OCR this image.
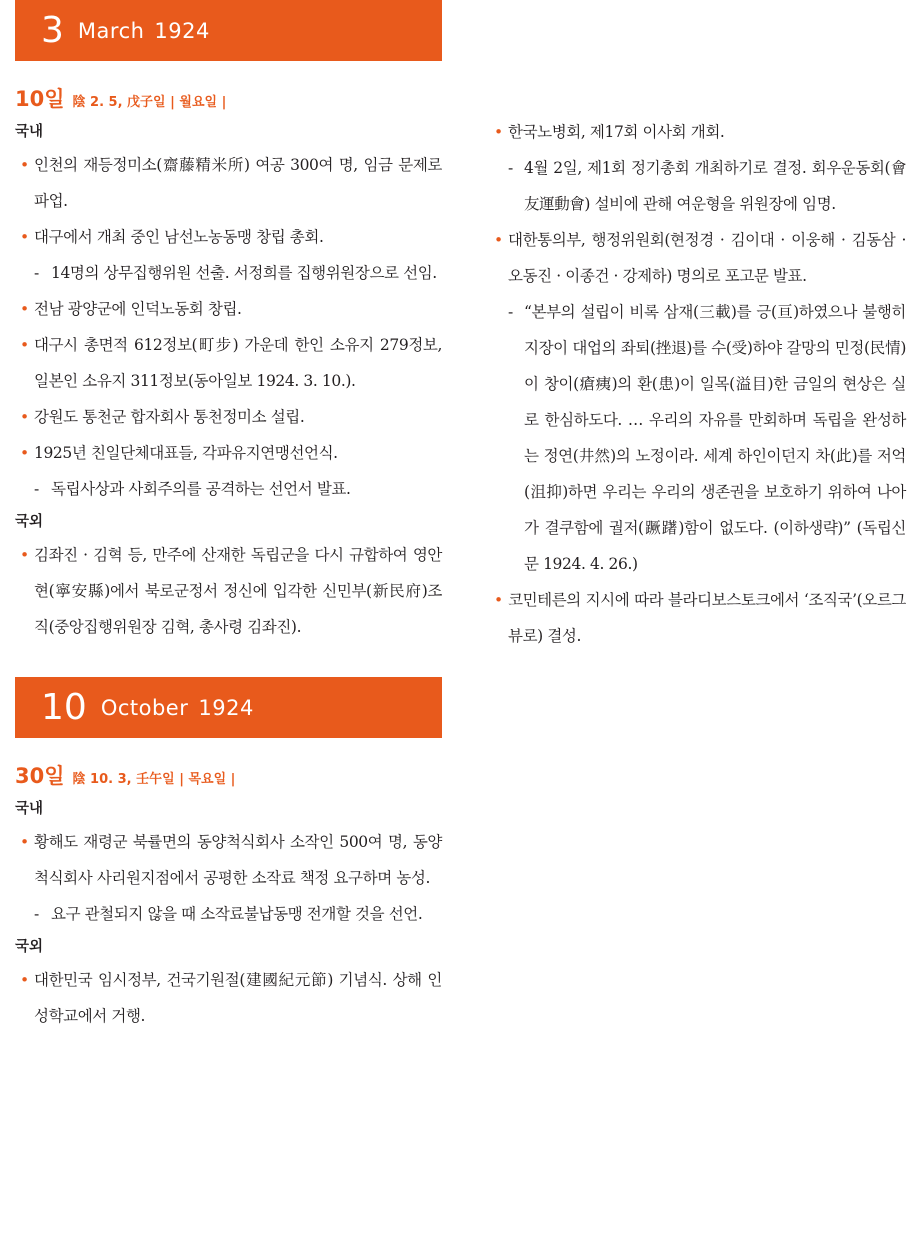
3 March 1924
10일 陰 2. 5, 戊子일 | 월요일 |
국내
• 인천의 재등정미소(齋藤精米所) 여공 300여 명, 임금 문제로 파업.
• 대구에서 개최 중인 남선노농동맹 창립 총회.
- 14명의 상무집행위원 선출. 서정희를 집행위원장으로 선임.
• 전남 광양군에 인덕노동회 창립.
• 대구시 총면적 612정보(町步) 가운데 한인 소유지 279정보, 일본인 소유지 311정보(동아일보 1924. 3. 10.).
• 강원도 통천군 합자회사 통천정미소 설립.
• 1925년 친일단체대표들, 각파유지연맹선언식.
- 독립사상과 사회주의를 공격하는 선언서 발표.
국외
• 김좌진 · 김혁 등, 만주에 산재한 독립군을 다시 규합하여 영안현(寧安縣)에서 북로군정서 정신에 입각한 신민부(新民府)조직(중앙집행위원장 김혁, 총사령 김좌진).
10 October 1924
30일 陰 10. 3, 壬午일 | 목요일 |
국내
• 황해도 재령군 북률면의 동양척식회사 소작인 500여 명, 동양척식회사 사리원지점에서 공평한 소작료 책정 요구하며 농성.
- 요구 관철되지 않을 때 소작료불납동맹 전개할 것을 선언.
국외
• 대한민국 임시정부, 건국기원절(建國紀元節) 기념식. 상해 인성학교에서 거행.
• 한국노병회, 제17회 이사회 개회.
- 4월 2일, 제1회 정기총회 개최하기로 결정. 회우운동회(會友運動會) 설비에 관해 여운형을 위원장에 임명.
• 대한통의부, 행정위원회(현정경 · 김이대 · 이웅해 · 김동삼 · 오동진 · 이종건 · 강제하) 명의로 포고문 발표.
- “본부의 설립이 비록 삼재(三載)를 긍(亘)하였으나 불행히 지장이 대업의 좌퇴(挫退)를 수(受)하야 갈망의 민정(民情)이 창이(瘡痍)의 환(患)이 일목(溢目)한 금일의 현상은 실로 한심하도다. … 우리의 자유를 만회하며 독립을 완성하는 정연(井然)의 노정이라. 세계 하인이던지 차(此)를 저억(沮抑)하면 우리는 우리의 생존권을 보호하기 위하여 나아가 결쿠함에 궐저(蹶躇)함이 없도다. (이하생략)” (독립신문 1924. 4. 26.)
• 코민테른의 지시에 따라 블라디보스토크에서 ‘조직국’(오르그뷰로) 결성.
